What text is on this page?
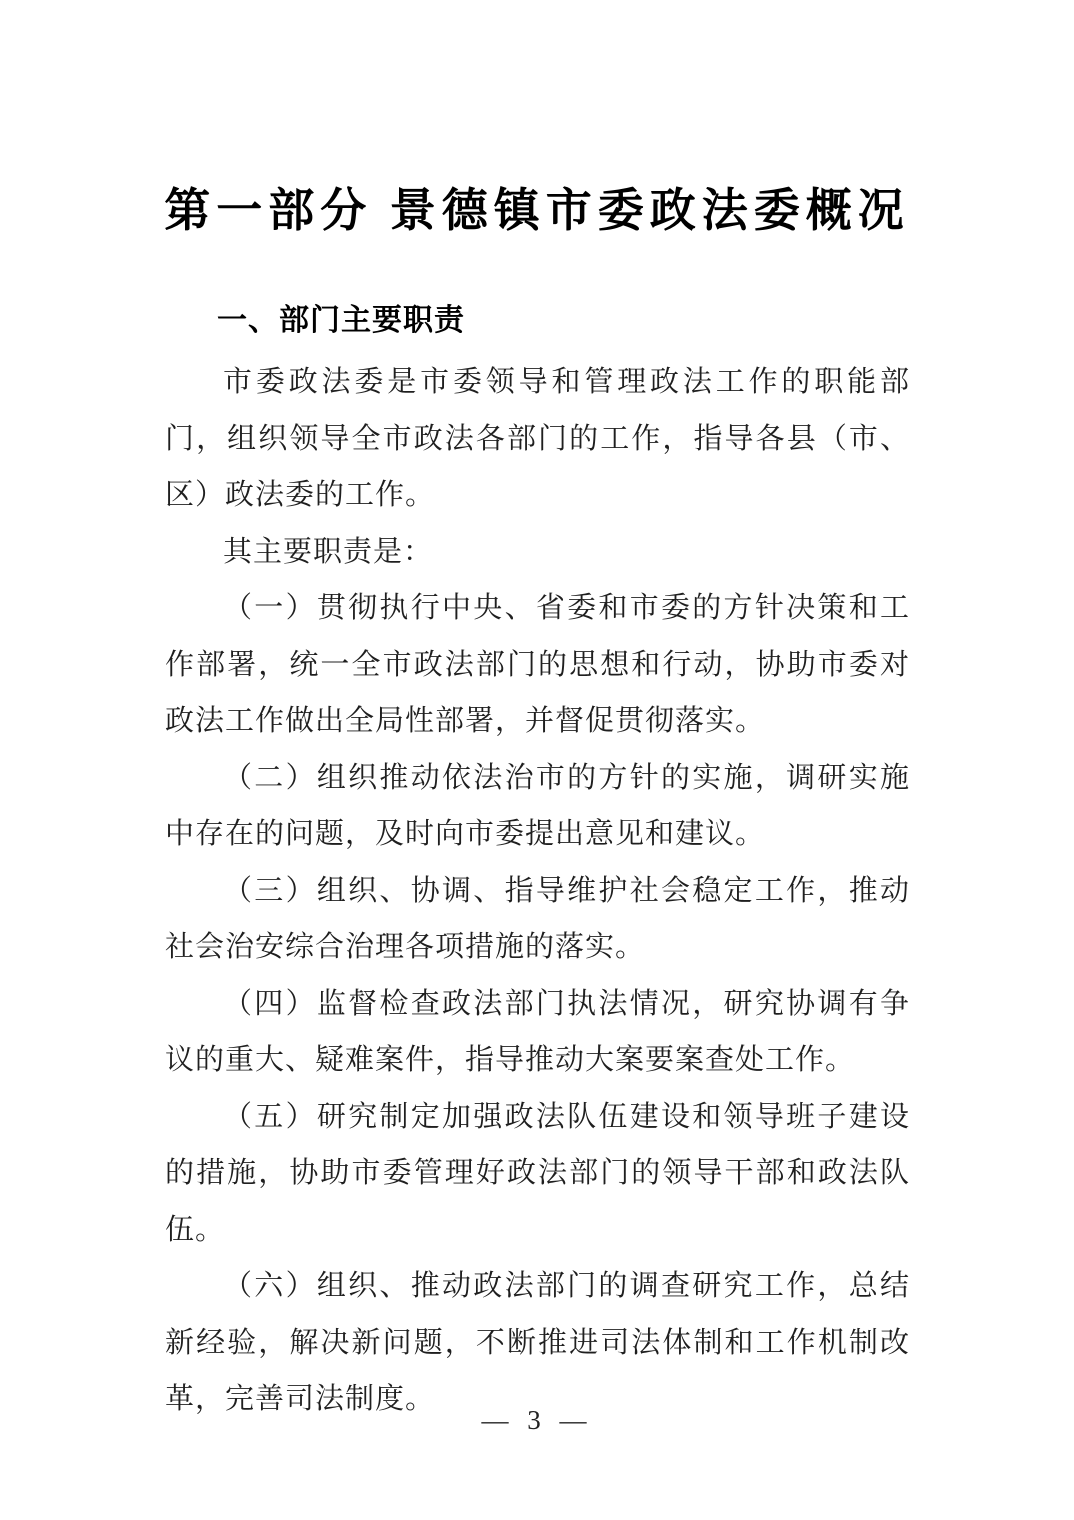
第一部分 景德镇市委政法委概况
一、部门主要职责

市委政法委是市委领导和管理政法工作的职能部门，组织领导全市政法各部门的工作，指导各县（市、区）政法委的工作。

其主要职责是：

（一）贯彻执行中央、省委和市委的方针决策和工作部署，统一全市政法部门的思想和行动，协助市委对政法工作做出全局性部署，并督促贯彻落实。

（二）组织推动依法治市的方针的实施，调研实施中存在的问题，及时向市委提出意见和建议。

（三）组织、协调、指导维护社会稳定工作，推动社会治安综合治理各项措施的落实。

（四）监督检查政法部门执法情况，研究协调有争议的重大、疑难案件，指导推动大案要案查处工作。

（五）研究制定加强政法队伍建设和领导班子建设的措施，协助市委管理好政法部门的领导干部和政法队伍。

（六）组织、推动政法部门的调查研究工作，总结新经验，解决新问题，不断推进司法体制和工作机制改革，完善司法制度。

— 3 —
